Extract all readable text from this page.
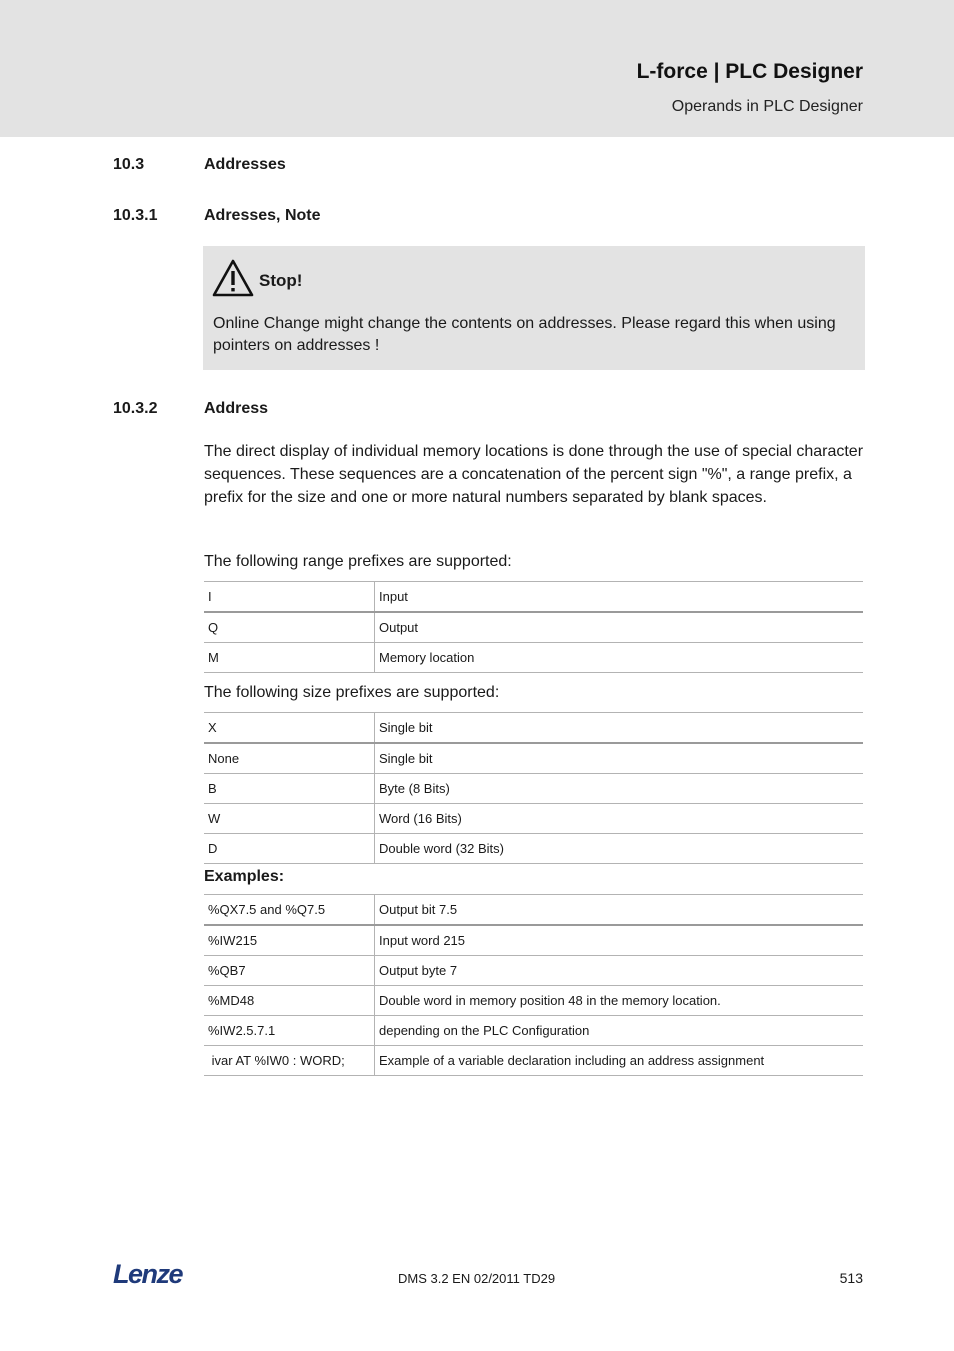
L-force | PLC Designer
Operands in PLC Designer
10.3	Addresses
10.3.1	Adresses, Note
Stop!
Online Change might change the contents on addresses. Please regard this when using pointers on addresses !
10.3.2	Address
The direct display of individual memory locations is done through the use of special character sequences. These sequences are a concatenation of the percent sign "%", a range prefix, a prefix for the size and one or more natural numbers separated by blank spaces.
The following range prefixes are supported:
I	Input
Q	Output
M	Memory location
The following size prefixes are supported:
X	Single bit
None	Single bit
B	Byte (8 Bits)
W	Word (16 Bits)
D	Double word (32 Bits)
Examples:
%QX7.5 and %Q7.5	Output bit 7.5
%IW215	Input word 215
%QB7	Output byte 7
%MD48	Double word in memory position 48 in the memory location.
%IW2.5.7.1	depending on the PLC Configuration
ivar AT %IW0 : WORD;	Example of a variable declaration including an address assignment
Lenze	DMS 3.2 EN 02/2011 TD29	513
